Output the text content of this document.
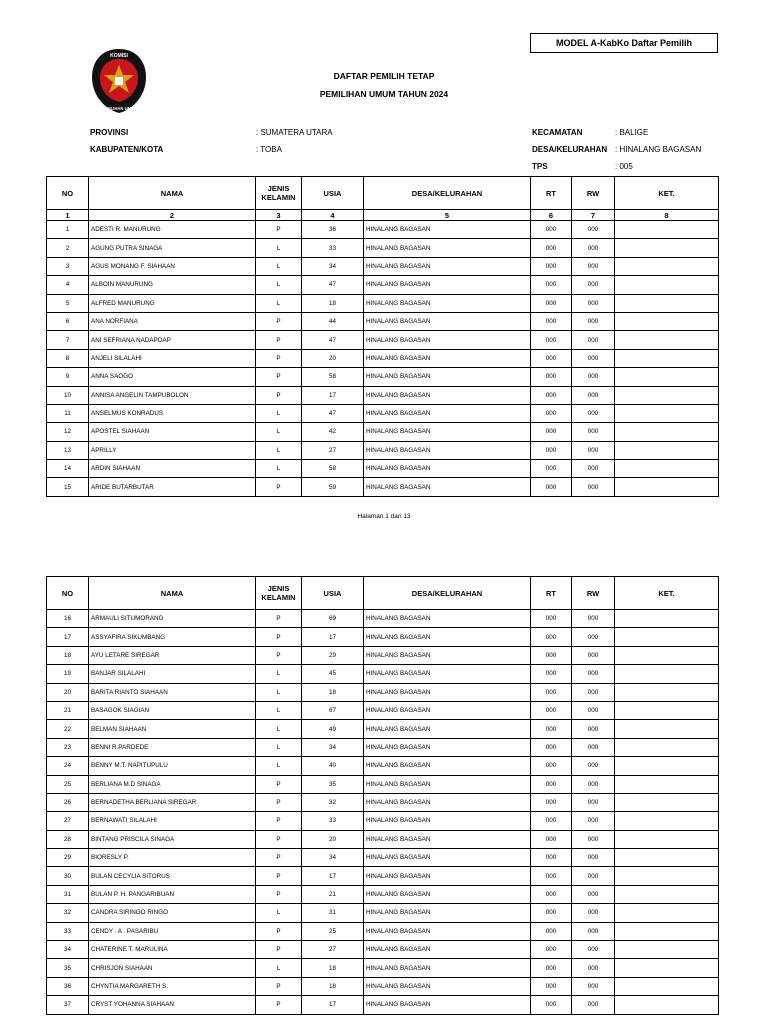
MODEL A-KabKo Daftar Pemilih
KOMISI
PEMILIHAN UMUM
DAFTAR PEMILIH TETAP
PEMILIHAN UMUM TAHUN 2024
PROVINSI	: SUMATERA UTARA
KABUPATEN/KOTA	: TOBA
KECAMATAN	: BALIGE
DESA/KELURAHAN : HINALANG BAGASAN
TPS	: 005
NO	NAMA	JENIS
KELAMIN	USIA	DESA/KELURAHAN	RT	RW	KET.
1	2	3	4	5	6	7	8
1	ADESTI R. MANURUNG	P	36	HINALANG BAGASAN	000	000	
2	AGUNG PUTRA SINAGA	L	33	HINALANG BAGASAN	000	000	
3	AGUS MONANG F. SIAHAAN	L	34	HINALANG BAGASAN	000	000	
4	ALBOIN MANURUNG	L	47	HINALANG BAGASAN	000	000	
5	ALFRED MANURUNG	L	18	HINALANG BAGASAN	000	000	
6	ANA NORFIANA	P	44	HINALANG BAGASAN	000	000	
7	ANI SEFRIANA NADAPDAP	P	47	HINALANG BAGASAN	000	000	
8	ANJELI SILALAHI	P	20	HINALANG BAGASAN	000	000	
9	ANNA SAOGO	P	58	HINALANG BAGASAN	000	000	
10	ANNISA ANGELIN TAMPUBOLON	P	17	HINALANG BAGASAN	000	000	
11	ANSELMUS KONRADUS	L	47	HINALANG BAGASAN	000	000	
12	APOSTEL SIAHAAN	L	42	HINALANG BAGASAN	000	000	
13	APRILLY	L	27	HINALANG BAGASAN	000	000	
14	ARDIN SIAHAAN	L	58	HINALANG BAGASAN	000	000	
15	ARIDE BUTARBUTAR	P	59	HINALANG BAGASAN	000	000	
Halaman 1 dari 13
NO	NAMA	JENIS
KELAMIN	USIA	DESA/KELURAHAN	RT	RW	KET.
16	ARMAULI SITUMORANG	P	69	HINALANG BAGASAN	000	000	
17	ASSYAFIRA SIKUMBANG	P	17	HINALANG BAGASAN	000	000	
18	AYU LETARE SIREGAR	P	29	HINALANG BAGASAN	000	000	
19	BANJAR SILALAHI	L	45	HINALANG BAGASAN	000	000	
20	BARITA RIANTO SIAHAAN	L	18	HINALANG BAGASAN	000	000	
21	BASAGOK SIAGIAN	L	67	HINALANG BAGASAN	000	000	
22	BELMAN SIAHAAN	L	49	HINALANG BAGASAN	000	000	
23	BENNI R.PARDEDE	L	34	HINALANG BAGASAN	000	000	
24	BENNY M.T. NAPITUPULU	L	40	HINALANG BAGASAN	000	000	
25	BERLIANA M.D SINAGA	P	35	HINALANG BAGASAN	000	000	
26	BERNADETHA BERLIANA SIREGAR	P	32	HINALANG BAGASAN	000	000	
27	BERNAWATI SILALAHI	P	33	HINALANG BAGASAN	000	000	
28	BINTANG PRISCILA SINAGA	P	20	HINALANG BAGASAN	000	000	
29	BIORESLY P.	P	34	HINALANG BAGASAN	000	000	
30	BULAN CECYLIA SITORUS	P	17	HINALANG BAGASAN	000	000	
31	BULAN P. H. PANGARIBUAN	P	21	HINALANG BAGASAN	000	000	
32	CANDRA SIRINGO RINGO	L	31	HINALANG BAGASAN	000	000	
33	CENDY . A . PASARIBU	P	25	HINALANG BAGASAN	000	000	
34	CHATERINE T. MARULINA	P	27	HINALANG BAGASAN	000	000	
35	CHRISJON SIAHAAN	L	18	HINALANG BAGASAN	000	000	
36	CHYNTIA MARGARETH S.	P	18	HINALANG BAGASAN	000	000	
37	CRYST YOHANNA SIAHAAN	P	17	HINALANG BAGASAN	000	000	
